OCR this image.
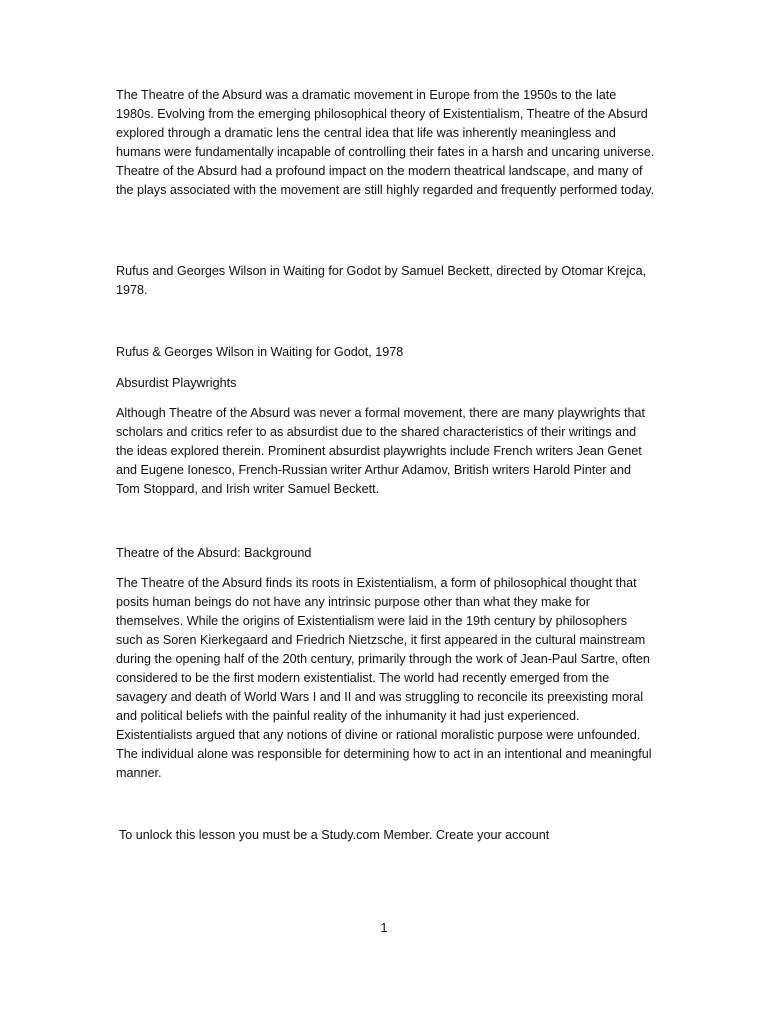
The Theatre of the Absurd was a dramatic movement in Europe from the 1950s to the late 1980s. Evolving from the emerging philosophical theory of Existentialism, Theatre of the Absurd explored through a dramatic lens the central idea that life was inherently meaningless and humans were fundamentally incapable of controlling their fates in a harsh and uncaring universe. Theatre of the Absurd had a profound impact on the modern theatrical landscape, and many of the plays associated with the movement are still highly regarded and frequently performed today.

Rufus and Georges Wilson in Waiting for Godot by Samuel Beckett, directed by Otomar Krejca, 1978.

Rufus & Georges Wilson in Waiting for Godot, 1978

Absurdist Playwrights

Although Theatre of the Absurd was never a formal movement, there are many playwrights that scholars and critics refer to as absurdist due to the shared characteristics of their writings and the ideas explored therein. Prominent absurdist playwrights include French writers Jean Genet and Eugene Ionesco, French-Russian writer Arthur Adamov, British writers Harold Pinter and Tom Stoppard, and Irish writer Samuel Beckett.

Theatre of the Absurd: Background

The Theatre of the Absurd finds its roots in Existentialism, a form of philosophical thought that posits human beings do not have any intrinsic purpose other than what they make for themselves. While the origins of Existentialism were laid in the 19th century by philosophers such as Soren Kierkegaard and Friedrich Nietzsche, it first appeared in the cultural mainstream during the opening half of the 20th century, primarily through the work of Jean-Paul Sartre, often considered to be the first modern existentialist. The world had recently emerged from the savagery and death of World Wars I and II and was struggling to reconcile its preexisting moral and political beliefs with the painful reality of the inhumanity it had just experienced. Existentialists argued that any notions of divine or rational moralistic purpose were unfounded. The individual alone was responsible for determining how to act in an intentional and meaningful manner.

To unlock this lesson you must be a Study.com Member. Create your account

1
